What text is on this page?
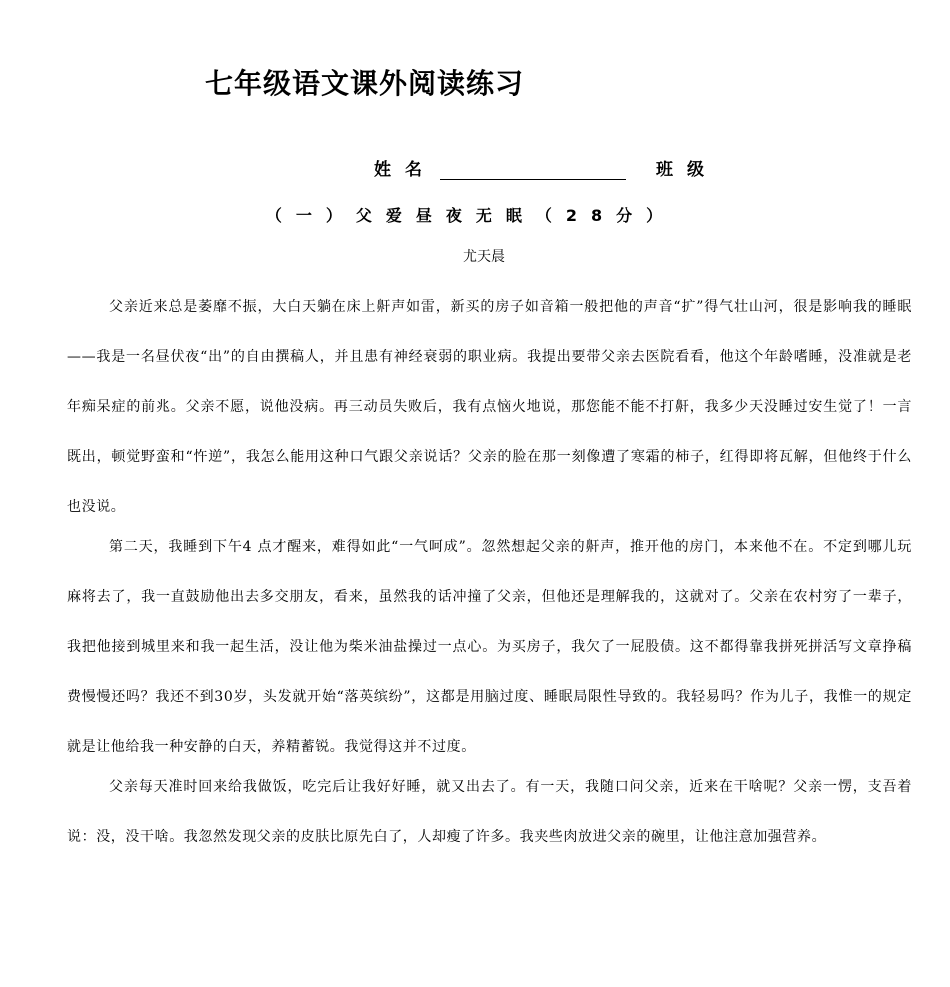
七年级语文课外阅读练习
姓名	班级
（一）父爱昼夜无眠（28分）
尤天晨

父亲近来总是萎靡不振，大白天躺在床上鼾声如雷，新买的房子如音箱一般把他的声音“扩”得气壮山河，很是影响我的睡眠——我是一名昼伏夜“出”的自由撰稿人，并且患有神经衰弱的职业病。我提出要带父亲去医院看看，他这个年龄嗜睡，没准就是老年痴呆症的前兆。父亲不愿，说他没病。再三动员失败后，我有点恼火地说，那您能不能不打鼾，我多少天没睡过安生觉了！一言既出，顿觉野蛮和“忤逆”，我怎么能用这种口气跟父亲说话？父亲的脸在那一刻像遭了寒霜的柿子，红得即将瓦解，但他终于什么也没说。

第二天，我睡到下午4 点才醒来，难得如此“一气呵成”。忽然想起父亲的鼾声，推开他的房门，本来他不在。不定到哪儿玩麻将去了，我一直鼓励他出去多交朋友，看来，虽然我的话冲撞了父亲，但他还是理解我的，这就对了。父亲在农村穷了一辈子，我把他接到城里来和我一起生活，没让他为柴米油盐操过一点心。为买房子，我欠了一屁股债。这不都得靠我拼死拼活写文章挣稿费慢慢还吗？我还不到30岁，头发就开始“落英缤纷”，这都是用脑过度、睡眠局限性导致的。我轻易吗？作为儿子，我惟一的规定就是让他给我一种安静的白天，养精蓄锐。我觉得这并不过度。

父亲每天准时回来给我做饭，吃完后让我好好睡，就又出去了。有一天，我随口问父亲，近来在干啥呢？父亲一愣，支吾着说：没，没干啥。我忽然发现父亲的皮肤比原先白了，人却瘦了许多。我夹些肉放进父亲的碗里，让他注意加强营养。
